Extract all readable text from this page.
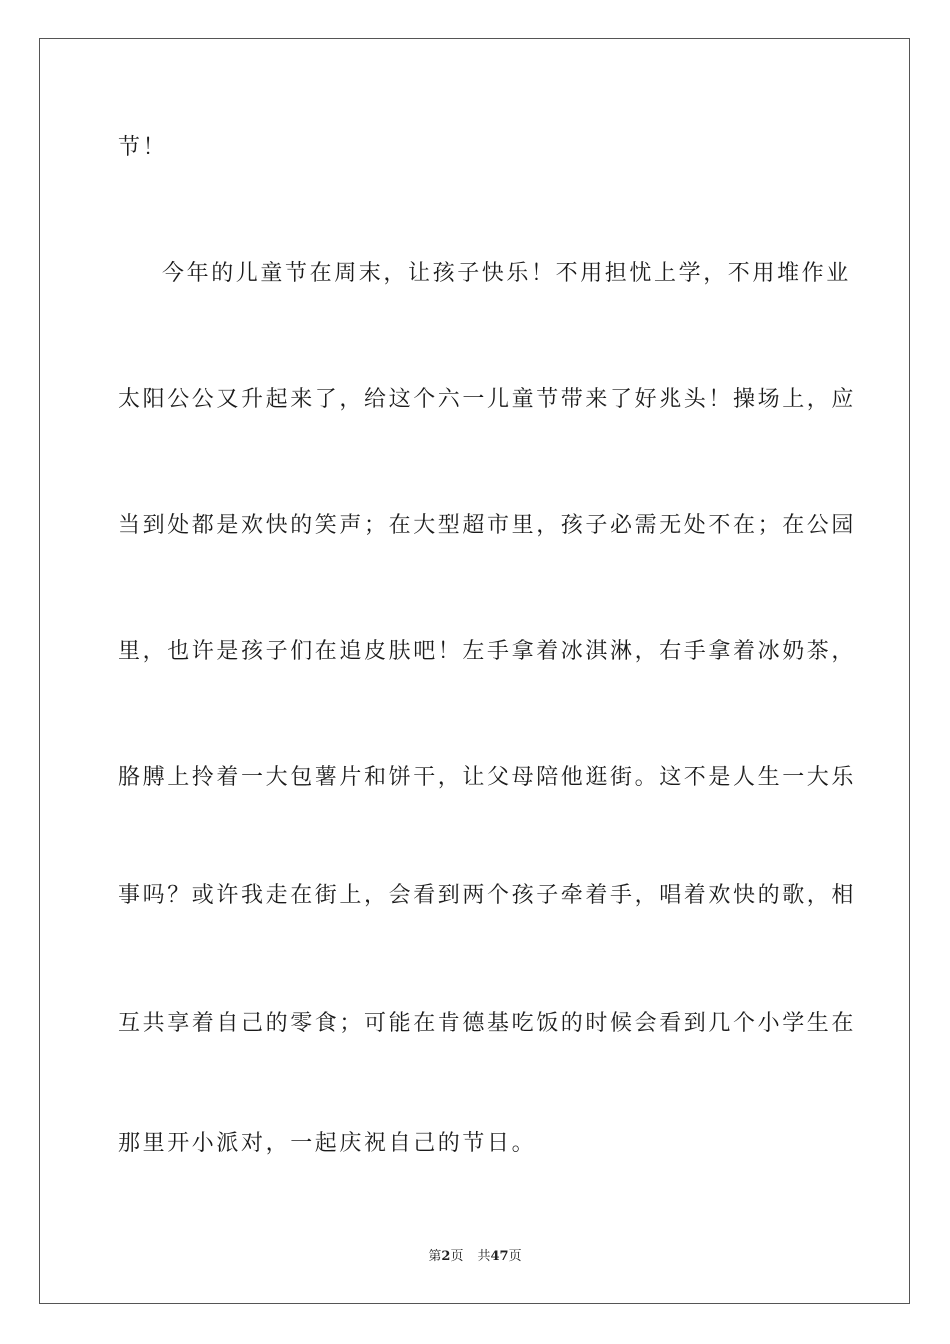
节！
今年的儿童节在周末，让孩子快乐！不用担忧上学，不用堆作业
太阳公公又升起来了，给这个六一儿童节带来了好兆头！操场上，应
当到处都是欢快的笑声；在大型超市里，孩子必需无处不在；在公园
里，也许是孩子们在追皮肤吧！左手拿着冰淇淋，右手拿着冰奶茶，
胳膊上拎着一大包薯片和饼干，让父母陪他逛街。这不是人生一大乐
事吗？或许我走在街上，会看到两个孩子牵着手，唱着欢快的歌，相
互共享着自己的零食；可能在肯德基吃饭的时候会看到几个小学生在
那里开小派对，一起庆祝自己的节日。
第2页 共47页
